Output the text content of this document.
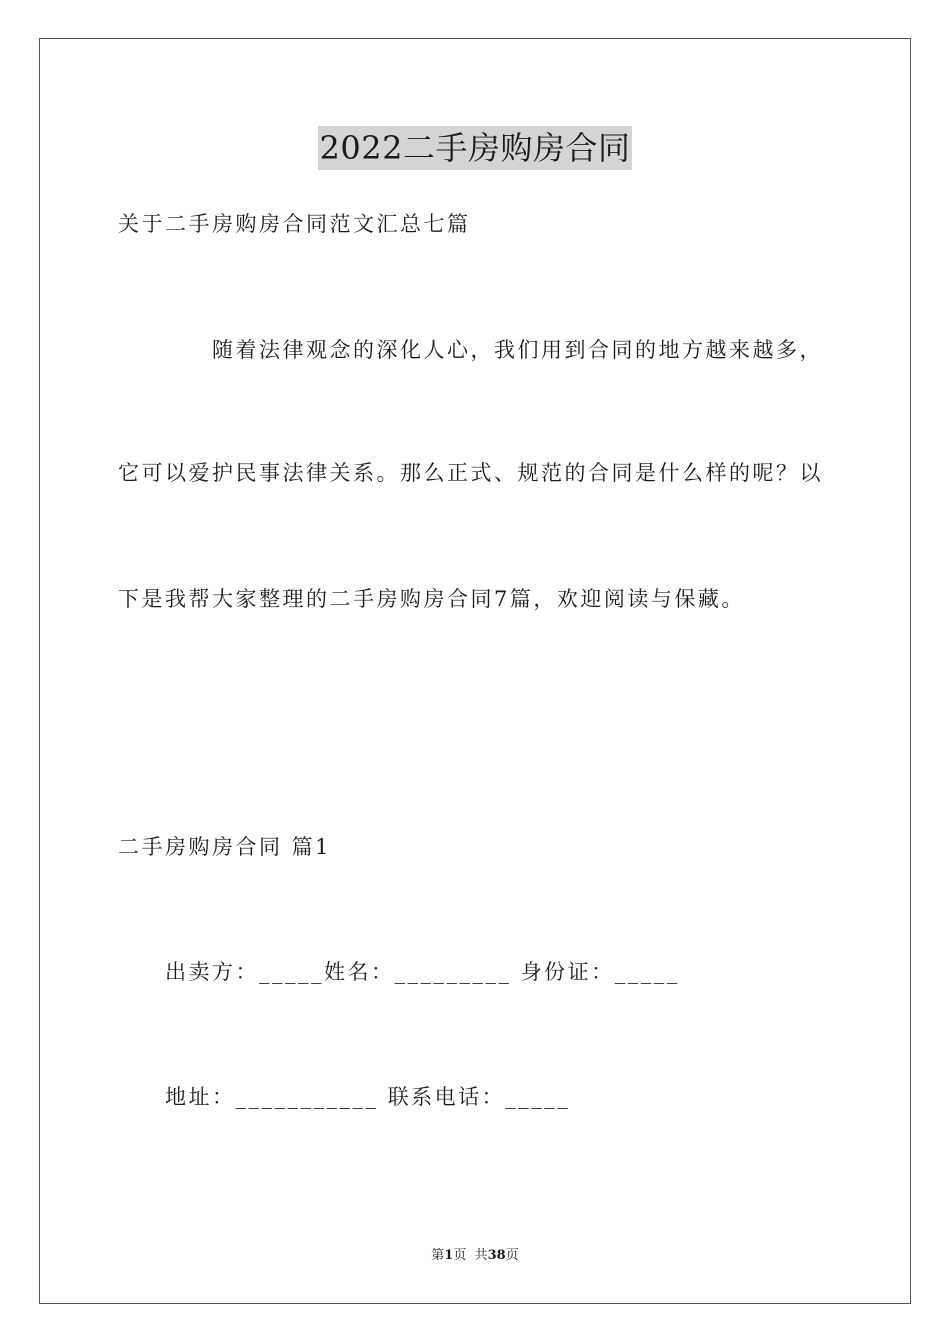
2022二手房购房合同

关于二手房购房合同范文汇总七篇

随着法律观念的深化人心，我们用到合同的地方越来越多，

它可以爱护民事法律关系。那么正式、规范的合同是什么样的呢？以

下是我帮大家整理的二手房购房合同7篇，欢迎阅读与保藏。

二手房购房合同 篇1

出卖方：_____姓名：_________ 身份证：_____
地址：___________ 联系电话：_____
第1页  共38页
